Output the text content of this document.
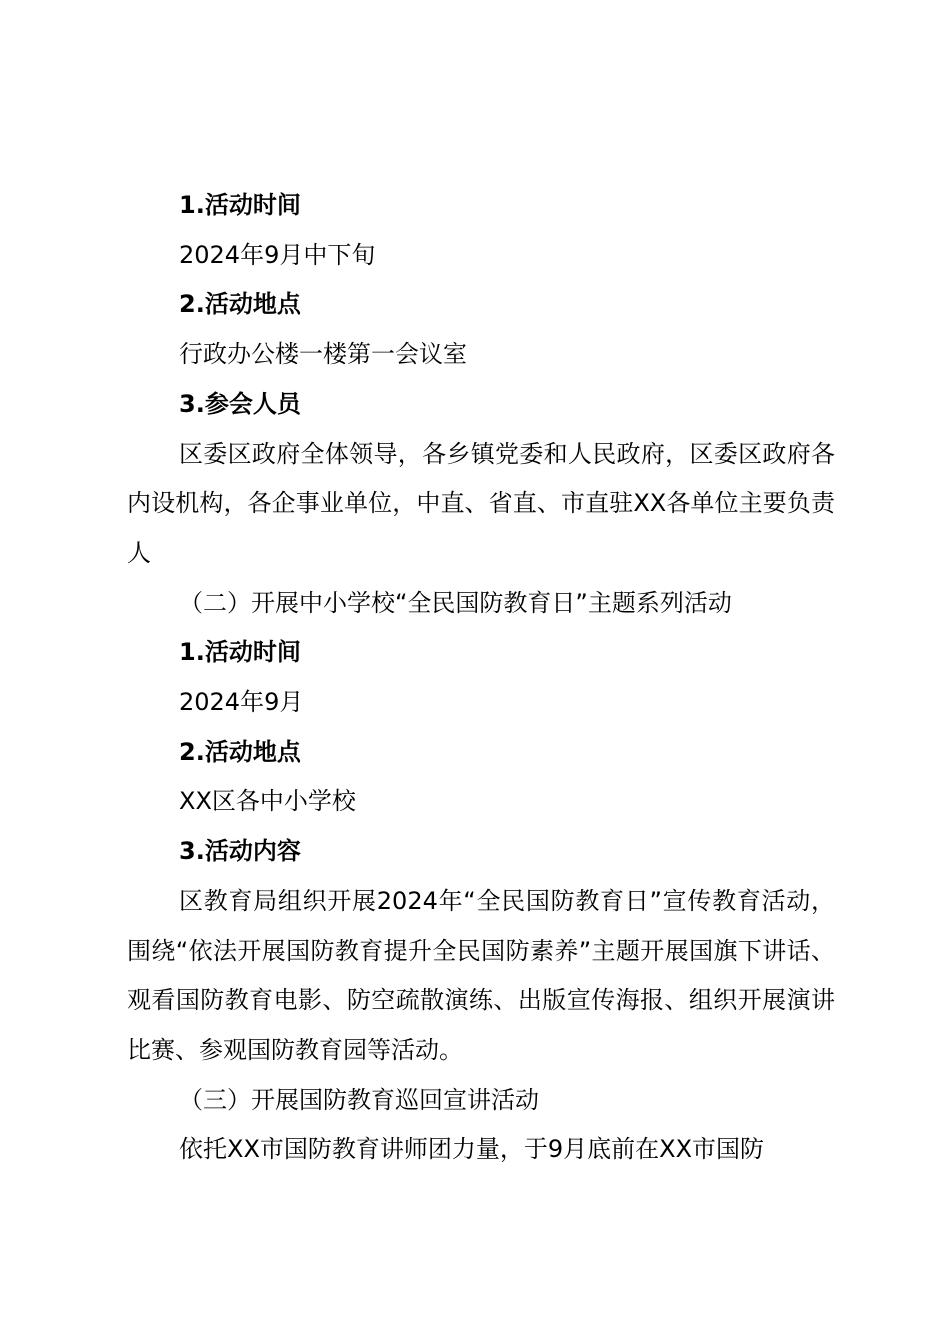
1.活动时间

2024年9月中下旬

2.活动地点

行政办公楼一楼第一会议室

3.参会人员

区委区政府全体领导，各乡镇党委和人民政府，区委区政府各内设机构，各企事业单位，中直、省直、市直驻XX各单位主要负责人

（二）开展中小学校“全民国防教育日”主题系列活动

1.活动时间

2024年9月

2.活动地点

XX区各中小学校

3.活动内容

区教育局组织开展2024年“全民国防教育日”宣传教育活动，围绕“依法开展国防教育提升全民国防素养”主题开展国旗下讲话、观看国防教育电影、防空疏散演练、出版宣传海报、组织开展演讲比赛、参观国防教育园等活动。

（三）开展国防教育巡回宣讲活动

依托XX市国防教育讲师团力量，于9月底前在XX市国防
